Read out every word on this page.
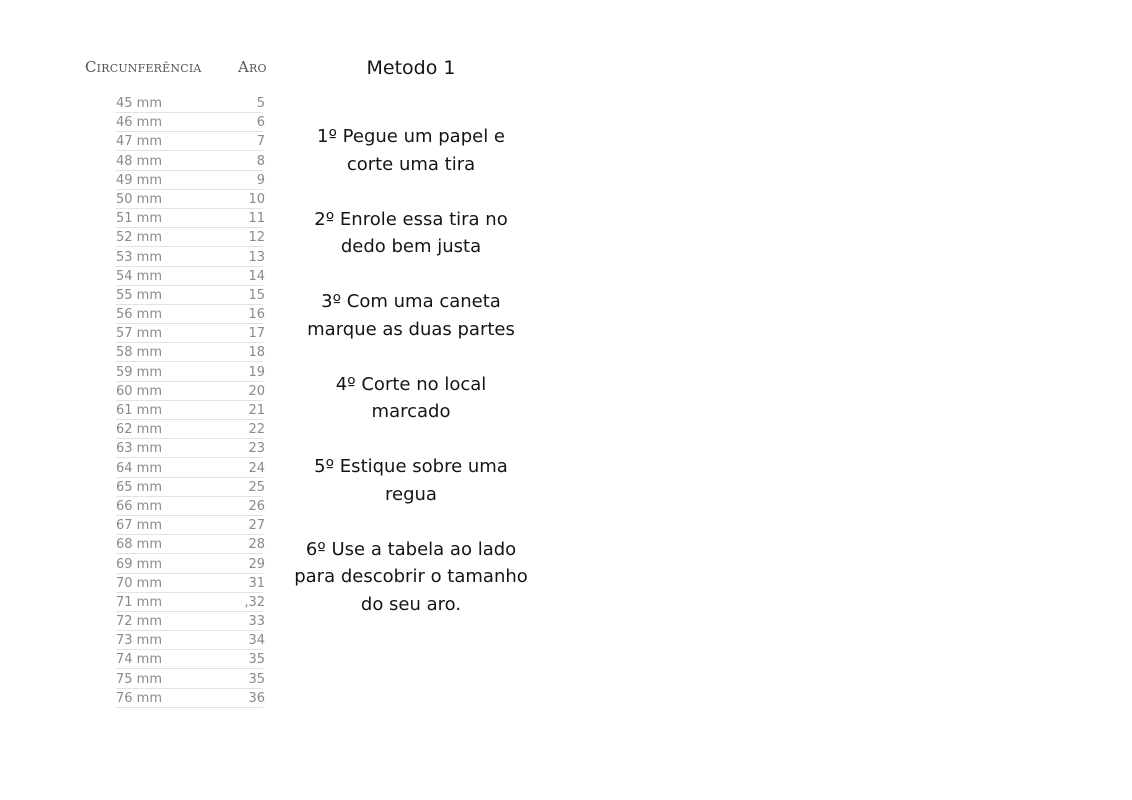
Circunferência Aro
45 mm	5
46 mm	6
47 mm	7
48 mm	8
49 mm	9
50 mm	10
51 mm	11
52 mm	12
53 mm	13
54 mm	14
55 mm	15
56 mm	16
57 mm	17
58 mm	18
59 mm	19
60 mm	20
61 mm	21
62 mm	22
63 mm	23
64 mm	24
65 mm	25
66 mm	26
67 mm	27
68 mm	28
69 mm	29
70 mm	31
71 mm	,32
72 mm	33
73 mm	34
74 mm	35
75 mm	35
76 mm	36
Metodo 1

1º Pegue um papel e
corte uma tira

2º Enrole essa tira no
dedo bem justa

3º Com uma caneta
marque as duas partes

4º Corte no local
marcado

5º Estique sobre uma
regua

6º Use a tabela ao lado
para descobrir o tamanho
do seu aro.
